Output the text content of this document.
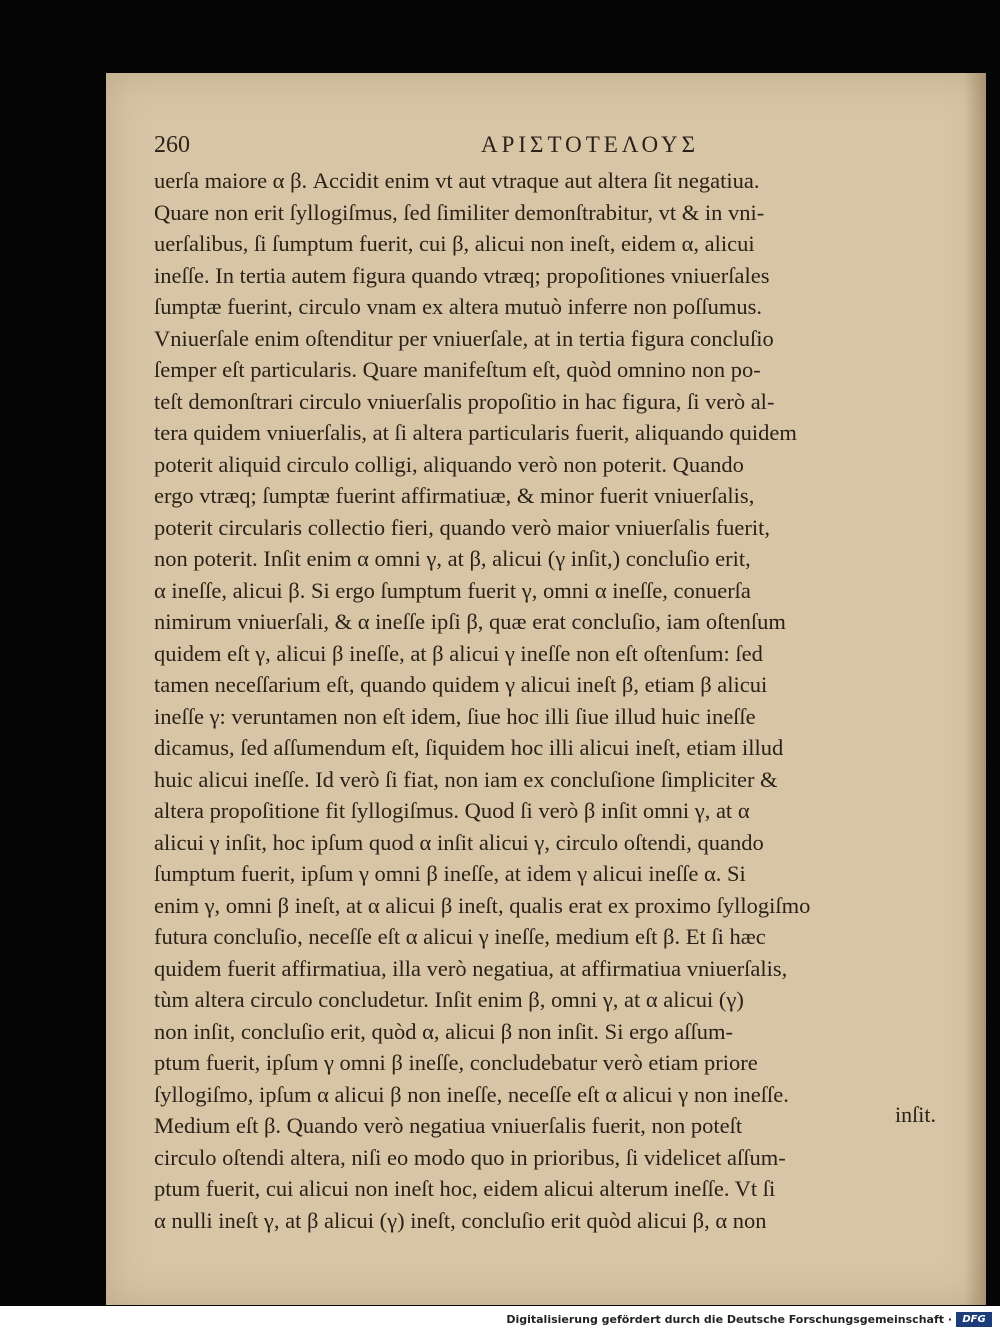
260	ΑΡΙΣΤΟΤΕΛΟΥΣ
uerſa maiore α β. Accidit enim vt aut vtraque aut altera ſit negatiua.
Quare non erit ſyllogiſmus, ſed ſimiliter demonſtrabitur, vt & in vni-
uerſalibus, ſi ſumptum fuerit, cui β, alicui non ineſt, eidem α, alicui
ineſſe. In tertia autem figura quando vtræq; propoſitiones vniuerſales
ſumptæ fuerint, circulo vnam ex altera mutuò inferre non poſſumus.
Vniuerſale enim oſtenditur per vniuerſale, at in tertia figura concluſio
ſemper eſt particularis. Quare manifeſtum eſt, quòd omnino non po-
teſt demonſtrari circulo vniuerſalis propoſitio in hac figura, ſi verò al-
tera quidem vniuerſalis, at ſi altera particularis fuerit, aliquando quidem
poterit aliquid circulo colligi, aliquando verò non poterit. Quando
ergo vtræq; ſumptæ fuerint affirmatiuæ, & minor fuerit vniuerſalis,
poterit circularis collectio fieri, quando verò maior vniuerſalis fuerit,
non poterit. Inſit enim α omni γ, at β, alicui (γ inſit,) concluſio erit,
α ineſſe, alicui β. Si ergo ſumptum fuerit γ, omni α ineſſe, conuerſa
nimirum vniuerſali, & α ineſſe ipſi β, quæ erat concluſio, iam oſtenſum
quidem eſt γ, alicui β ineſſe, at β alicui γ ineſſe non eſt oſtenſum: ſed
tamen neceſſarium eſt, quando quidem γ alicui ineſt β, etiam β alicui
ineſſe γ: veruntamen non eſt idem, ſiue hoc illi ſiue illud huic ineſſe
dicamus, ſed aſſumendum eſt, ſiquidem hoc illi alicui ineſt, etiam illud
huic alicui ineſſe. Id verò ſi fiat, non iam ex concluſione ſimpliciter &
altera propoſitione fit ſyllogiſmus. Quod ſi verò β inſit omni γ, at α
alicui γ inſit, hoc ipſum quod α inſit alicui γ, circulo oſtendi, quando
ſumptum fuerit, ipſum γ omni β ineſſe, at idem γ alicui ineſſe α. Si
enim γ, omni β ineſt, at α alicui β ineſt, qualis erat ex proximo ſyllogiſmo
futura concluſio, neceſſe eſt α alicui γ ineſſe, medium eſt β. Et ſi hæc
quidem fuerit affirmatiua, illa verò negatiua, at affirmatiua vniuerſalis,
tùm altera circulo concludetur. Inſit enim β, omni γ, at α alicui (γ)
non inſit, concluſio erit, quòd α, alicui β non inſit. Si ergo aſſum-
ptum fuerit, ipſum γ omni β ineſſe, concludebatur verò etiam priore
ſyllogiſmo, ipſum α alicui β non ineſſe, neceſſe eſt α alicui γ non ineſſe.
Medium eſt β. Quando verò negatiua vniuerſalis fuerit, non poteſt
circulo oſtendi altera, niſi eo modo quo in prioribus, ſi videlicet aſſum-
ptum fuerit, cui alicui non ineſt hoc, eidem alicui alterum ineſſe. Vt ſi
α nulli ineſt γ, at β alicui (γ) ineſt, concluſio erit quòd alicui β, α non
inſit.
Digitalisierung gefördert durch die Deutsche Forschungsgemeinschaft ·	DFG
